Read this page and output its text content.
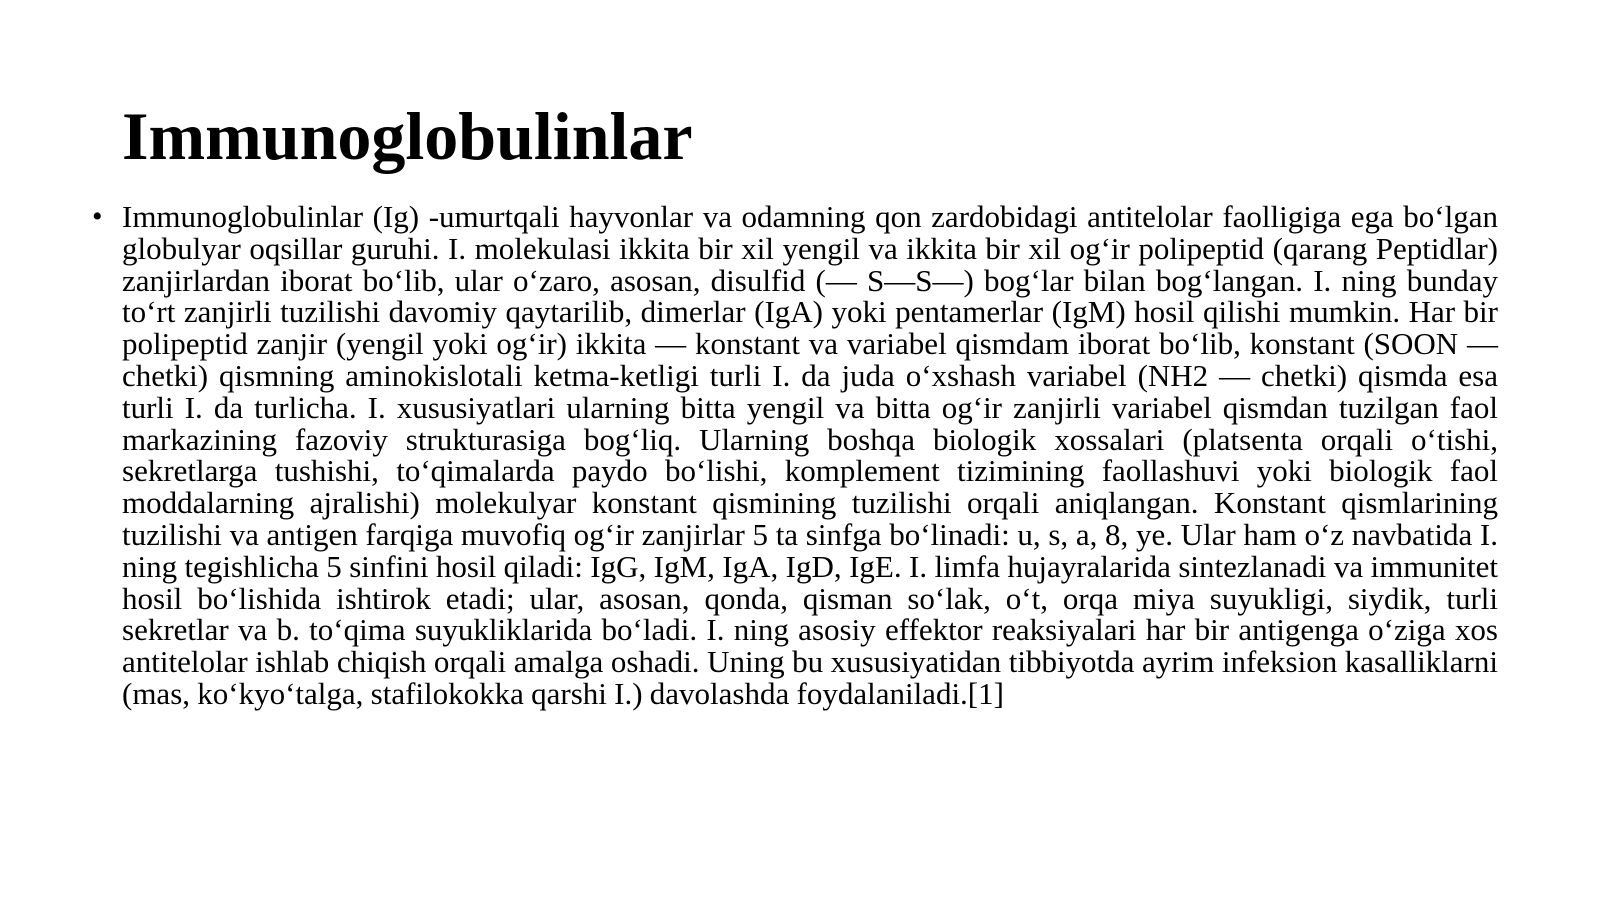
Immunoglobulinlar
• Immunoglobulinlar (Ig) -umurtqali hayvonlar va odamning qon zardobidagi antitelolar faolligiga ega boʻlgan globulyar oqsillar guruhi. I. molekulasi ikkita bir xil yengil va ikkita bir xil ogʻir polipeptid (qarang Peptidlar) zanjirlardan iborat boʻlib, ular oʻzaro, asosan, disulfid (— S—S—) bogʻlar bilan bogʻlangan. I. ning bunday toʻrt zanjirli tuzilishi davomiy qaytarilib, dimerlar (IgA) yoki pentamerlar (IgM) hosil qilishi mumkin. Har bir polipeptid zanjir (yengil yoki ogʻir) ikkita — konstant va variabel qismdam iborat boʻlib, konstant (SOON — chetki) qismning aminokislotali ketma-ketligi turli I. da juda oʻxshash variabel (NH2 — chetki) qismda esa turli I. da turlicha. I. xususiyatlari ularning bitta yengil va bitta ogʻir zanjirli variabel qismdan tuzilgan faol markazining fazoviy strukturasiga bogʻliq. Ularning boshqa biologik xossalari (platsenta orqali oʻtishi, sekretlarga tushishi, toʻqimalarda paydo boʻlishi, komplement tizimining faollashuvi yoki biologik faol moddalarning ajralishi) molekulyar konstant qismining tuzilishi orqali aniqlangan. Konstant qismlarining tuzilishi va antigen farqiga muvofiq ogʻir zanjirlar 5 ta sinfga boʻlinadi: u, s, a, 8, ye. Ular ham oʻz navbatida I. ning tegishlicha 5 sinfini hosil qiladi: IgG, IgM, IgA, IgD, IgE. I. limfa hujayralarida sintezlanadi va immunitet hosil boʻlishida ishtirok etadi; ular, asosan, qonda, qisman soʻlak, oʻt, orqa miya suyukligi, siydik, turli sekretlar va b. toʻqima suyukliklarida boʻladi. I. ning asosiy effektor reaksiyalari har bir antigenga oʻziga xos antitelolar ishlab chiqish orqali amalga oshadi. Uning bu xususiyatidan tibbiyotda ayrim infeksion kasalliklarni (mas, koʻkyoʻtalga, stafilokokka qarshi I.) davolashda foydalaniladi.[1]
